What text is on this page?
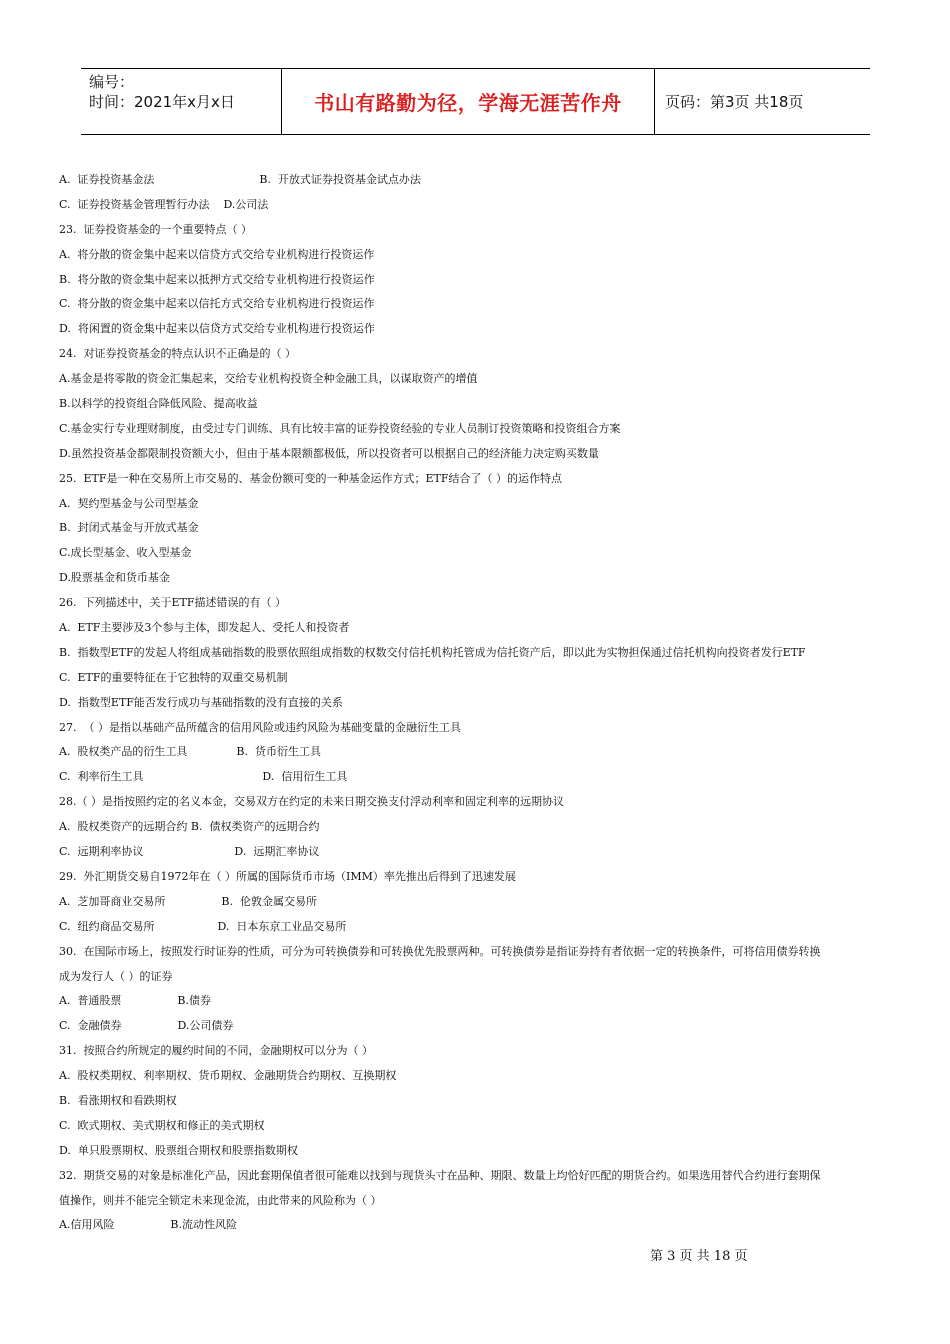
编号：
时间：2021年x月x日	书山有路勤为径，学海无涯苦作舟	页码：第3页 共18页
A.  证券投资基金法                              B.  开放式证券投资基金试点办法
C.  证券投资基金管理暂行办法    D.公司法
23.  证券投资基金的一个重要特点（ ）
A.  将分散的资金集中起来以信贷方式交给专业机构进行投资运作
B.  将分散的资金集中起来以抵押方式交给专业机构进行投资运作
C.  将分散的资金集中起来以信托方式交给专业机构进行投资运作
D.  将闲置的资金集中起来以信贷方式交给专业机构进行投资运作
24.  对证券投资基金的特点认识不正确是的（ ）
A.基金是将零散的资金汇集起来，交给专业机构投资全种金融工具，以谋取资产的增值
B.以科学的投资组合降低风险、提高收益
C.基金实行专业理财制度，由受过专门训练、具有比较丰富的证券投资经验的专业人员制订投资策略和投资组合方案
D.虽然投资基金都限制投资额大小，但由于基本限额都极低，所以投资者可以根据自己的经济能力决定购买数量
25.  ETF是一种在交易所上市交易的、基金份额可变的一种基金运作方式；ETF结合了（ ）的运作特点
A.  契约型基金与公司型基金
B.  封闭式基金与开放式基金
C.成长型基金、收入型基金
D.股票基金和货币基金
26.  下列描述中，关于ETF描述错误的有（ ）
A.  ETF主要涉及3个参与主体，即发起人、受托人和投资者
B.  指数型ETF的发起人将组成基础指数的股票依照组成指数的权数交付信托机构托管成为信托资产后，即以此为实物担保通过信托机构向投资者发行ETF
C.  ETF的重要特征在于它独特的双重交易机制
D.  指数型ETF能否发行成功与基础指数的没有直接的关系
27.  （ ）是指以基础产品所蕴含的信用风险或违约风险为基础变量的金融衍生工具
A.  股权类产品的衍生工具              B.  货币衍生工具
C.  利率衍生工具                                  D.  信用衍生工具
28.（ ）是指按照约定的名义本金，交易双方在约定的未来日期交换支付浮动利率和固定利率的远期协议
A.  股权类资产的远期合约 B.  债权类资产的远期合约
C.  远期利率协议                          D.  远期汇率协议
29.  外汇期货交易自1972年在（ ）所属的国际货币市场（IMM）率先推出后得到了迅速发展
A.  芝加哥商业交易所                B.  伦敦金属交易所
C.  纽约商品交易所                  D.  日本东京工业品交易所
30.  在国际市场上，按照发行时证券的性质，可分为可转换债券和可转换优先股票两种。可转换债券是指证券持有者依据一定的转换条件，可将信用债券转换
成为发行人（ ）的证券
A.  普通股票                B.债券
C.  金融债券                D.公司债券
31.  按照合约所规定的履约时间的不同，金融期权可以分为（ ）
A.  股权类期权、利率期权、货币期权、金融期货合约期权、互换期权
B.  看涨期权和看跌期权
C.  欧式期权、美式期权和修正的美式期权
D.  单只股票期权、股票组合期权和股票指数期权
32.  期货交易的对象是标准化产品，因此套期保值者很可能难以找到与现货头寸在品种、期限、数量上均恰好匹配的期货合约。如果选用替代合约进行套期保
值操作，则并不能完全锁定未来现金流，由此带来的风险称为（ ）
A.信用风险                B.流动性风险
第 3 页 共 18 页
